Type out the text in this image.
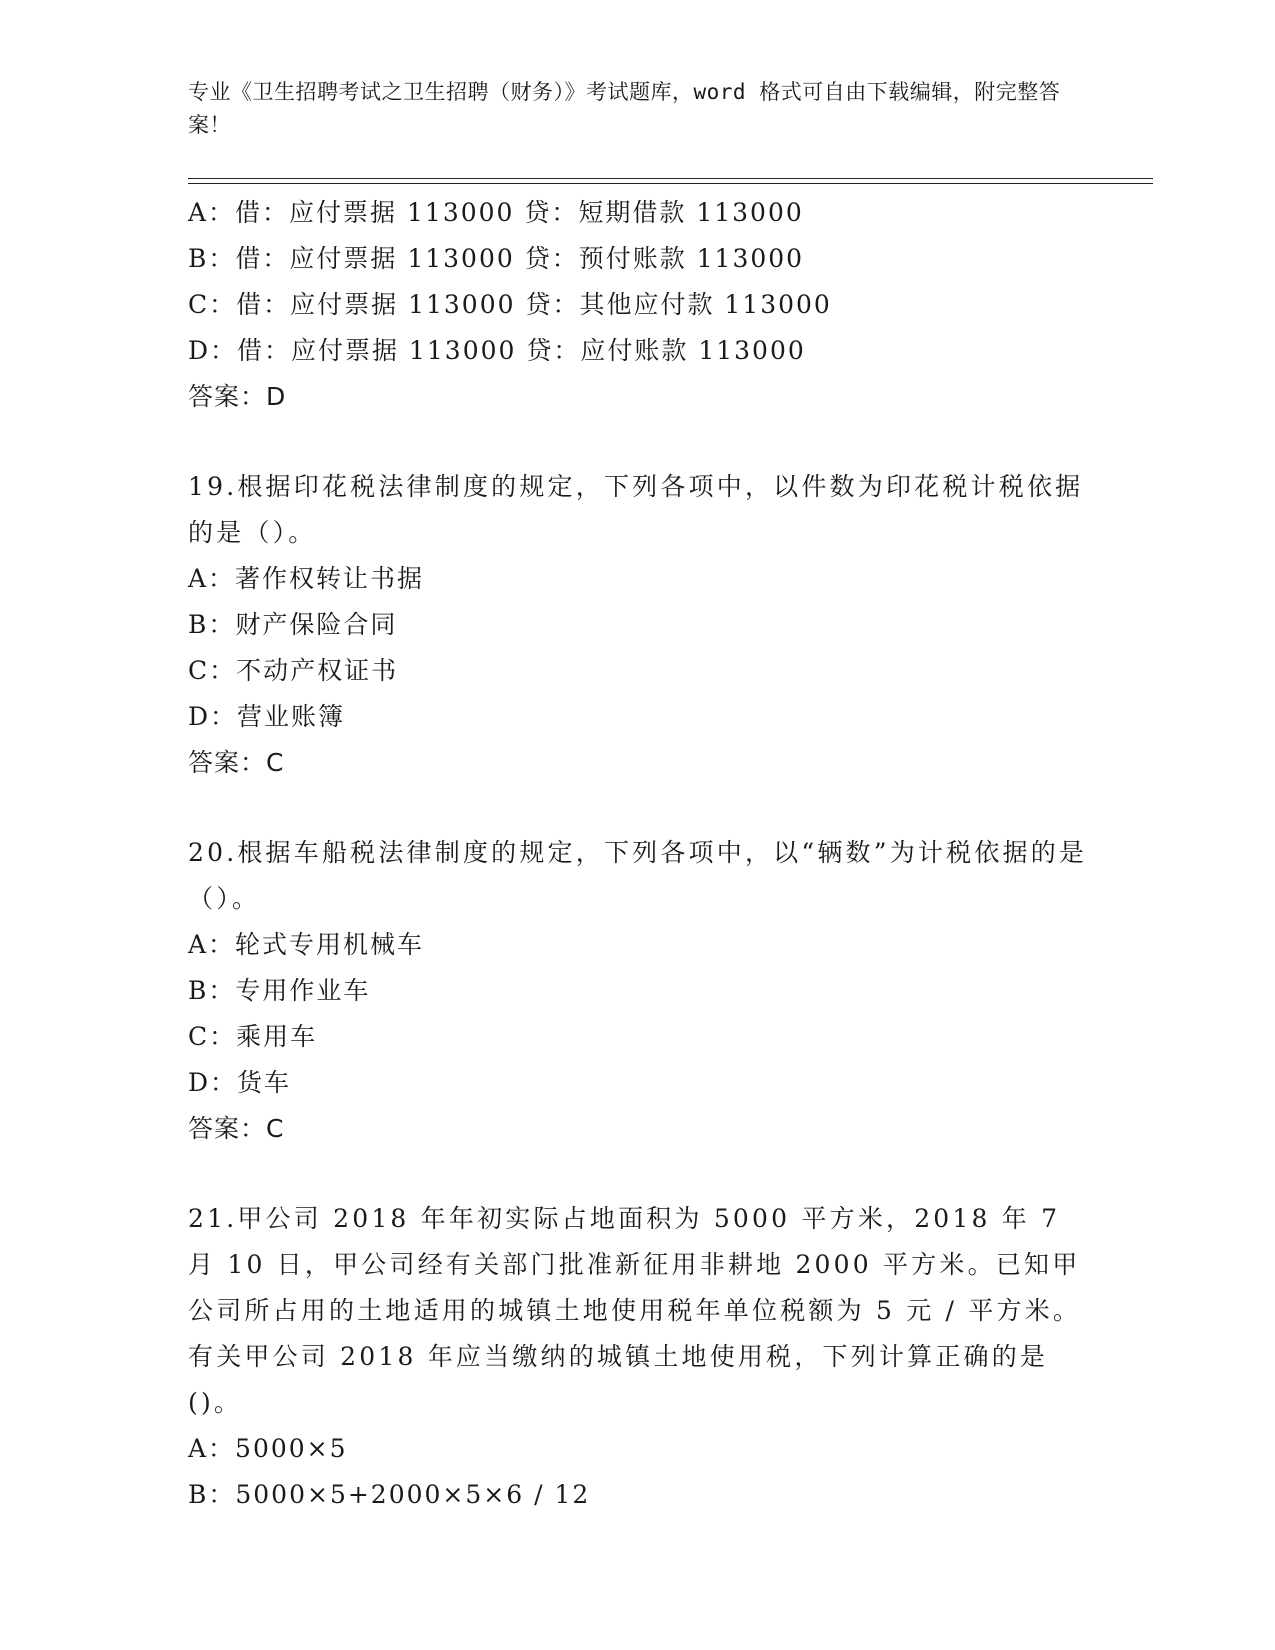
专业《卫生招聘考试之卫生招聘（财务）》考试题库，word 格式可自由下载编辑，附完整答案！
A：借：应付票据 113000 贷：短期借款 113000
B：借：应付票据 113000 贷：预付账款 113000
C：借：应付票据 113000 贷：其他应付款 113000
D：借：应付票据 113000 贷：应付账款 113000
答案：D
19.根据印花税法律制度的规定，下列各项中，以件数为印花税计税依据的是（）。
A：著作权转让书据
B：财产保险合同
C：不动产权证书
D：营业账簿
答案：C
20.根据车船税法律制度的规定，下列各项中，以“辆数”为计税依据的是（）。
A：轮式专用机械车
B：专用作业车
C：乘用车
D：货车
答案：C
21.甲公司 2018 年年初实际占地面积为 5000 平方米，2018 年 7 月 10 日，甲公司经有关部门批准新征用非耕地 2000 平方米。已知甲公司所占用的土地适用的城镇土地使用税年单位税额为 5 元 / 平方米。有关甲公司 2018 年应当缴纳的城镇土地使用税，下列计算正确的是()。
A：5000×5
B：5000×5+2000×5×6 / 12
